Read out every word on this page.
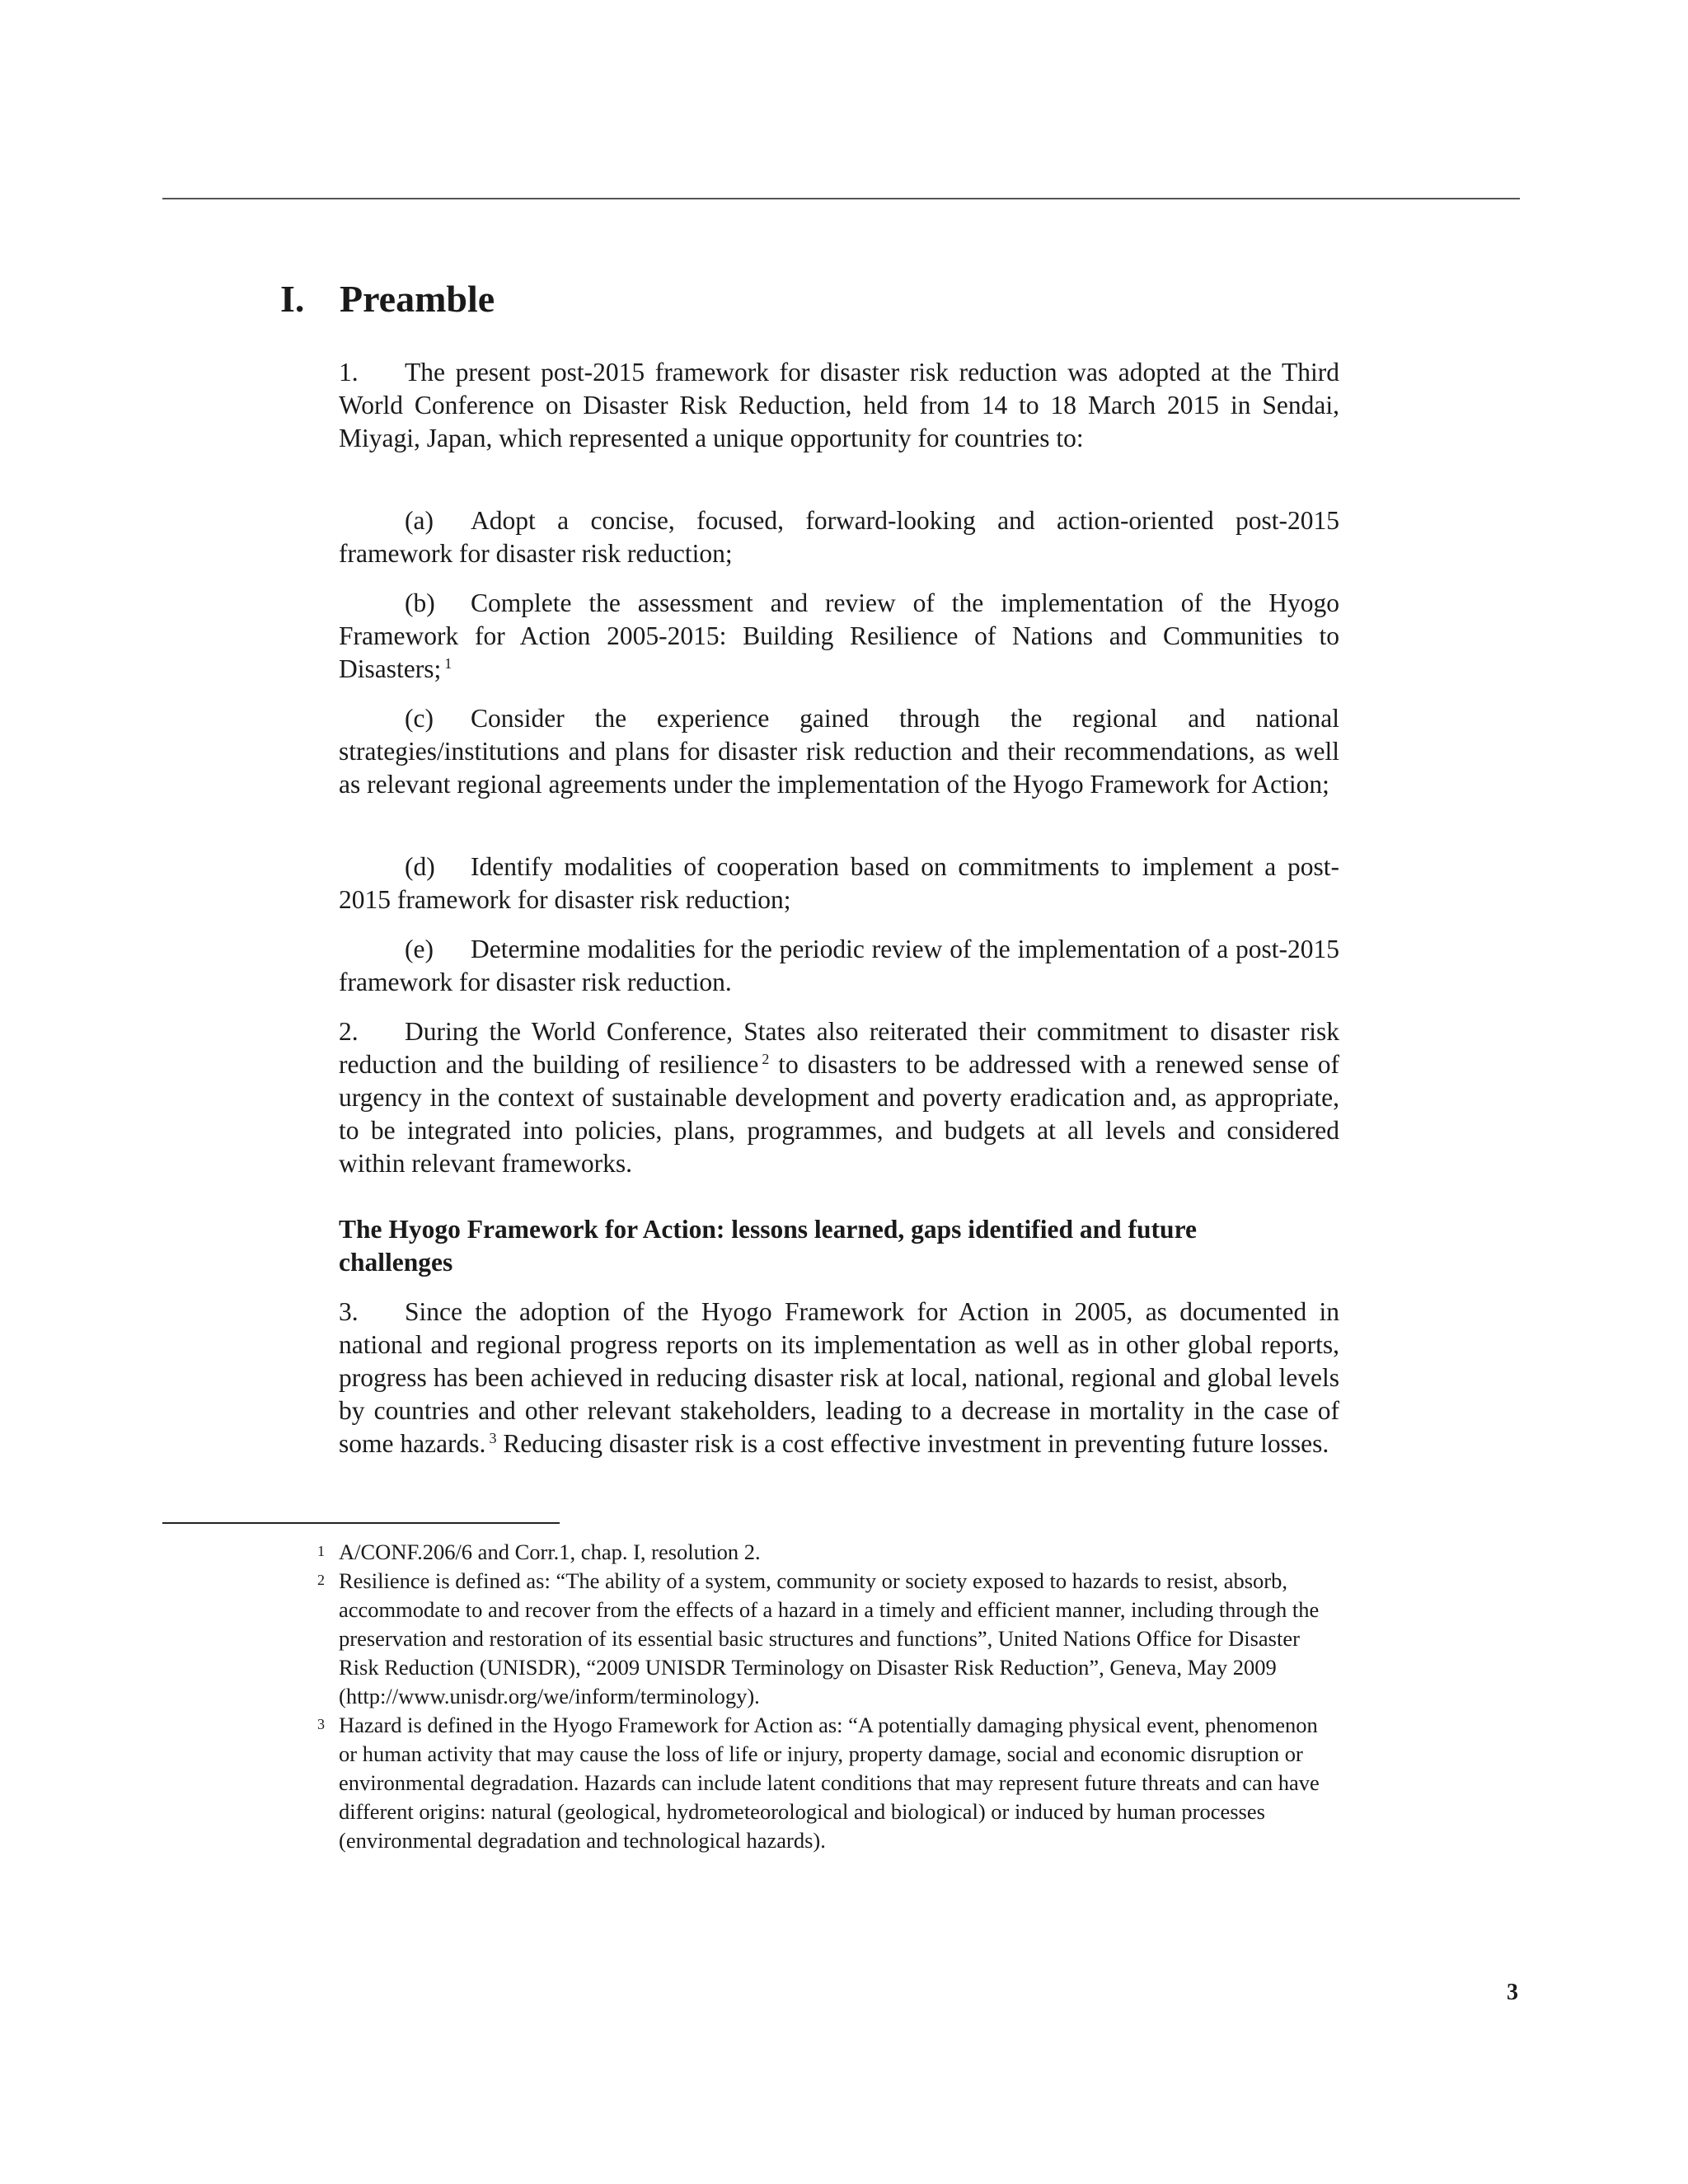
I. Preamble

1. The present post-2015 framework for disaster risk reduction was adopted at the Third World Conference on Disaster Risk Reduction, held from 14 to 18 March 2015 in Sendai, Miyagi, Japan, which represented a unique opportunity for countries to:

(a) Adopt a concise, focused, forward-looking and action-oriented post-2015 framework for disaster risk reduction;

(b) Complete the assessment and review of the implementation of the Hyogo Framework for Action 2005-2015: Building Resilience of Nations and Communities to Disasters; $^1$

(c) Consider the experience gained through the regional and national strategies/institutions and plans for disaster risk reduction and their recommendations, as well as relevant regional agreements under the implementation of the Hyogo Framework for Action;

(d) Identify modalities of cooperation based on commitments to implement a post-2015 framework for disaster risk reduction;

(e) Determine modalities for the periodic review of the implementation of a post-2015 framework for disaster risk reduction.

2. During the World Conference, States also reiterated their commitment to disaster risk reduction and the building of resilience $^2$ to disasters to be addressed with a renewed sense of urgency in the context of sustainable development and poverty eradication and, as appropriate, to be integrated into policies, plans, programmes, and budgets at all levels and considered within relevant frameworks.

The Hyogo Framework for Action: lessons learned, gaps identified and future challenges

3. Since the adoption of the Hyogo Framework for Action in 2005, as documented in national and regional progress reports on its implementation as well as in other global reports, progress has been achieved in reducing disaster risk at local, national, regional and global levels by countries and other relevant stakeholders, leading to a decrease in mortality in the case of some hazards. $^3$ Reducing disaster risk is a cost effective investment in preventing future losses.

1 A/CONF.206/6 and Corr.1, chap. I, resolution 2.

2 Resilience is defined as: “The ability of a system, community or society exposed to hazards to resist, absorb, accommodate to and recover from the effects of a hazard in a timely and efficient manner, including through the preservation and restoration of its essential basic structures and functions”, United Nations Office for Disaster Risk Reduction (UNISDR), “2009 UNISDR Terminology on Disaster Risk Reduction”, Geneva, May 2009 (http://www.unisdr.org/we/inform/terminology).

3 Hazard is defined in the Hyogo Framework for Action as: “A potentially damaging physical event, phenomenon or human activity that may cause the loss of life or injury, property damage, social and economic disruption or environmental degradation. Hazards can include latent conditions that may represent future threats and can have different origins: natural (geological, hydrometeorological and biological) or induced by human processes (environmental degradation and technological hazards).

3
